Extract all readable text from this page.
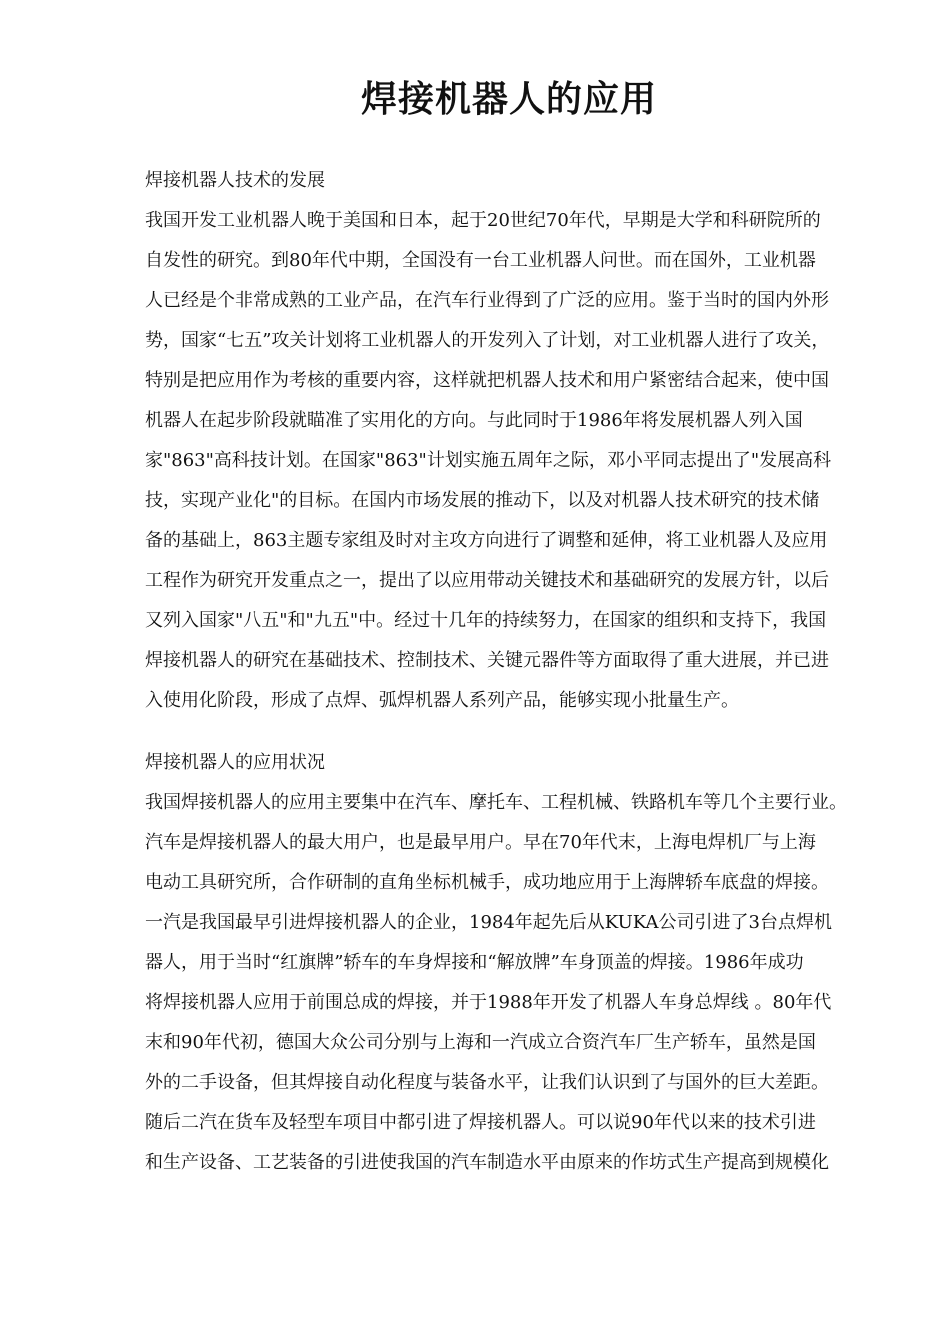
焊接机器人的应用
焊接机器人技术的发展
我国开发工业机器人晚于美国和日本，起于20世纪70年代，早期是大学和科研院所的
自发性的研究。到80年代中期，全国没有一台工业机器人问世。而在国外，工业机器
人已经是个非常成熟的工业产品，在汽车行业得到了广泛的应用。鉴于当时的国内外形
势，国家“七五”攻关计划将工业机器人的开发列入了计划，对工业机器人进行了攻关，
特别是把应用作为考核的重要内容，这样就把机器人技术和用户紧密结合起来，使中国
机器人在起步阶段就瞄准了实用化的方向。与此同时于1986年将发展机器人列入国
家"863"高科技计划。在国家"863"计划实施五周年之际，邓小平同志提出了"发展高科
技，实现产业化"的目标。在国内市场发展的推动下，以及对机器人技术研究的技术储
备的基础上，863主题专家组及时对主攻方向进行了调整和延伸，将工业机器人及应用
工程作为研究开发重点之一，提出了以应用带动关键技术和基础研究的发展方针，以后
又列入国家"八五"和"九五"中。经过十几年的持续努力，在国家的组织和支持下，我国
焊接机器人的研究在基础技术、控制技术、关键元器件等方面取得了重大进展，并已进
入使用化阶段，形成了点焊、弧焊机器人系列产品，能够实现小批量生产。
焊接机器人的应用状况
我国焊接机器人的应用主要集中在汽车、摩托车、工程机械、铁路机车等几个主要行业。
汽车是焊接机器人的最大用户，也是最早用户。早在70年代末，上海电焊机厂与上海
电动工具研究所，合作研制的直角坐标机械手，成功地应用于上海牌轿车底盘的焊接。
一汽是我国最早引进焊接机器人的企业，1984年起先后从KUKA公司引进了3台点焊机
器人，用于当时“红旗牌”轿车的车身焊接和“解放牌”车身顶盖的焊接。1986年成功
将焊接机器人应用于前围总成的焊接，并于1988年开发了机器人车身总焊线 。80年代
末和90年代初，德国大众公司分别与上海和一汽成立合资汽车厂生产轿车，虽然是国
外的二手设备，但其焊接自动化程度与装备水平，让我们认识到了与国外的巨大差距。
随后二汽在货车及轻型车项目中都引进了焊接机器人。可以说90年代以来的技术引进
和生产设备、工艺装备的引进使我国的汽车制造水平由原来的作坊式生产提高到规模化
